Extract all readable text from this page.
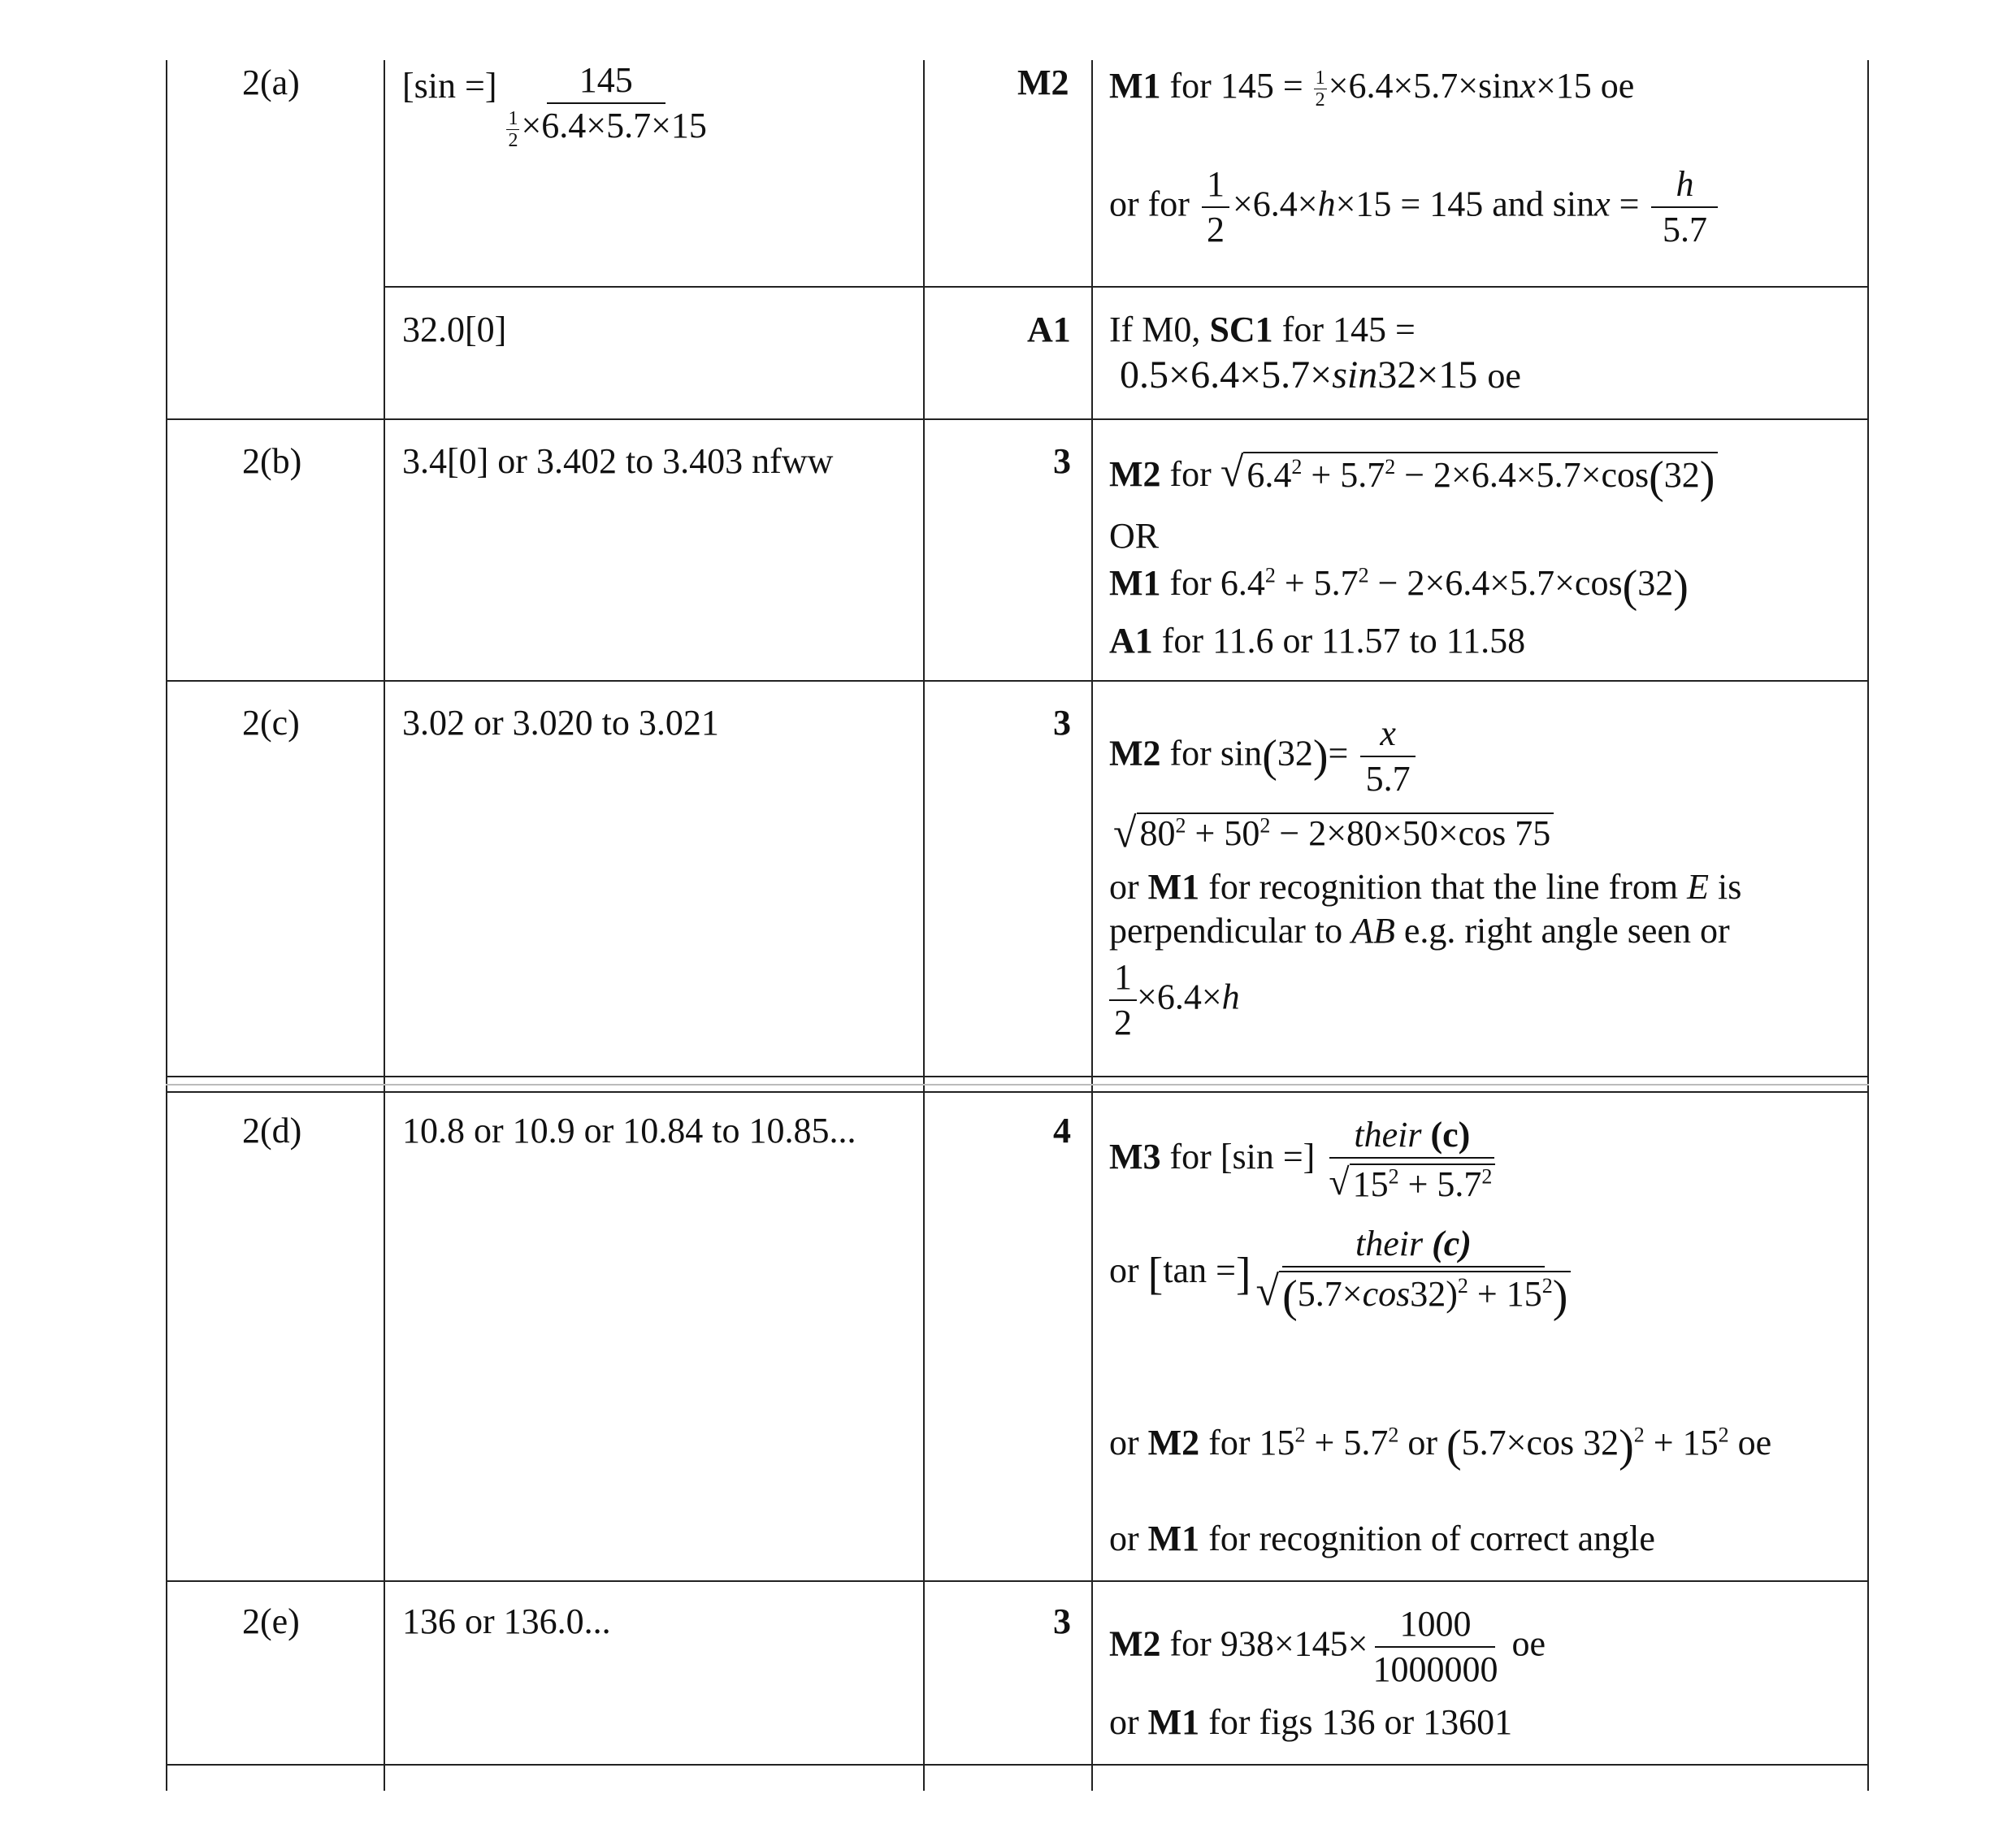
2(a)	[sin =] $\frac{145}{\frac{1}{2} \times 6.4\times 5.7\times 15}$	M2 M1 for $145 = \frac{1}{2} \times 6.4\times 5.7\times\sin x\times 15$ oe
or for $\frac{1}{2} \times 6.4\times h\times 15 = 145$ and $\sin x = \frac{h}{5.7}$
32.0[0]	A1 If M0, SC1 for 145 =
0.5×6.4×5.7×sin32×15 oe
2(b)	3.4[0] or 3.402 to 3.403 nfww	3 M2 for √ $6.4^2 + 5.7^2 - 2\times 6.4\times 5.7\times\cos(32)$
OR
M1 for $6.4^2 + 5.7^2 - 2\times 6.4\times 5.7\times\cos(32)$
A1 for 11.6 or 11.57 to 11.58
2(c)	3.02 or 3.020 to 3.021	3
M2 for $\sin(32)= \frac{x}{5.7}$
√ $80^2 + 50^2 - 2\times 80\times 50\times\cos$ 75
or M1 for recognition that the line from E is
perpendicular to AB e.g. right angle seen or
$\frac{1}{2} \times 6.4\times h$
2(d)	10.8 or 10.9 or 10.84 to 10.85...	4
M3 for [sin =] $\frac{\text{their (c)}}{√ 15^2 + 5.7^2}$
or [tan =] $\frac{\text{their (c)}}{√ (5.7\times\cos 32)^2 + 15^2)}$
or M2 for $15^2 + 5.7^2$ or (5.7×cos $32)^2 + 15^2$ oe
or M1 for recognition of correct angle
2(e)	136 or 136.0...	3
M2 for $938\times 145\times \frac{1000}{1000000}$ oe
or M1 for figs 136 or 13601
